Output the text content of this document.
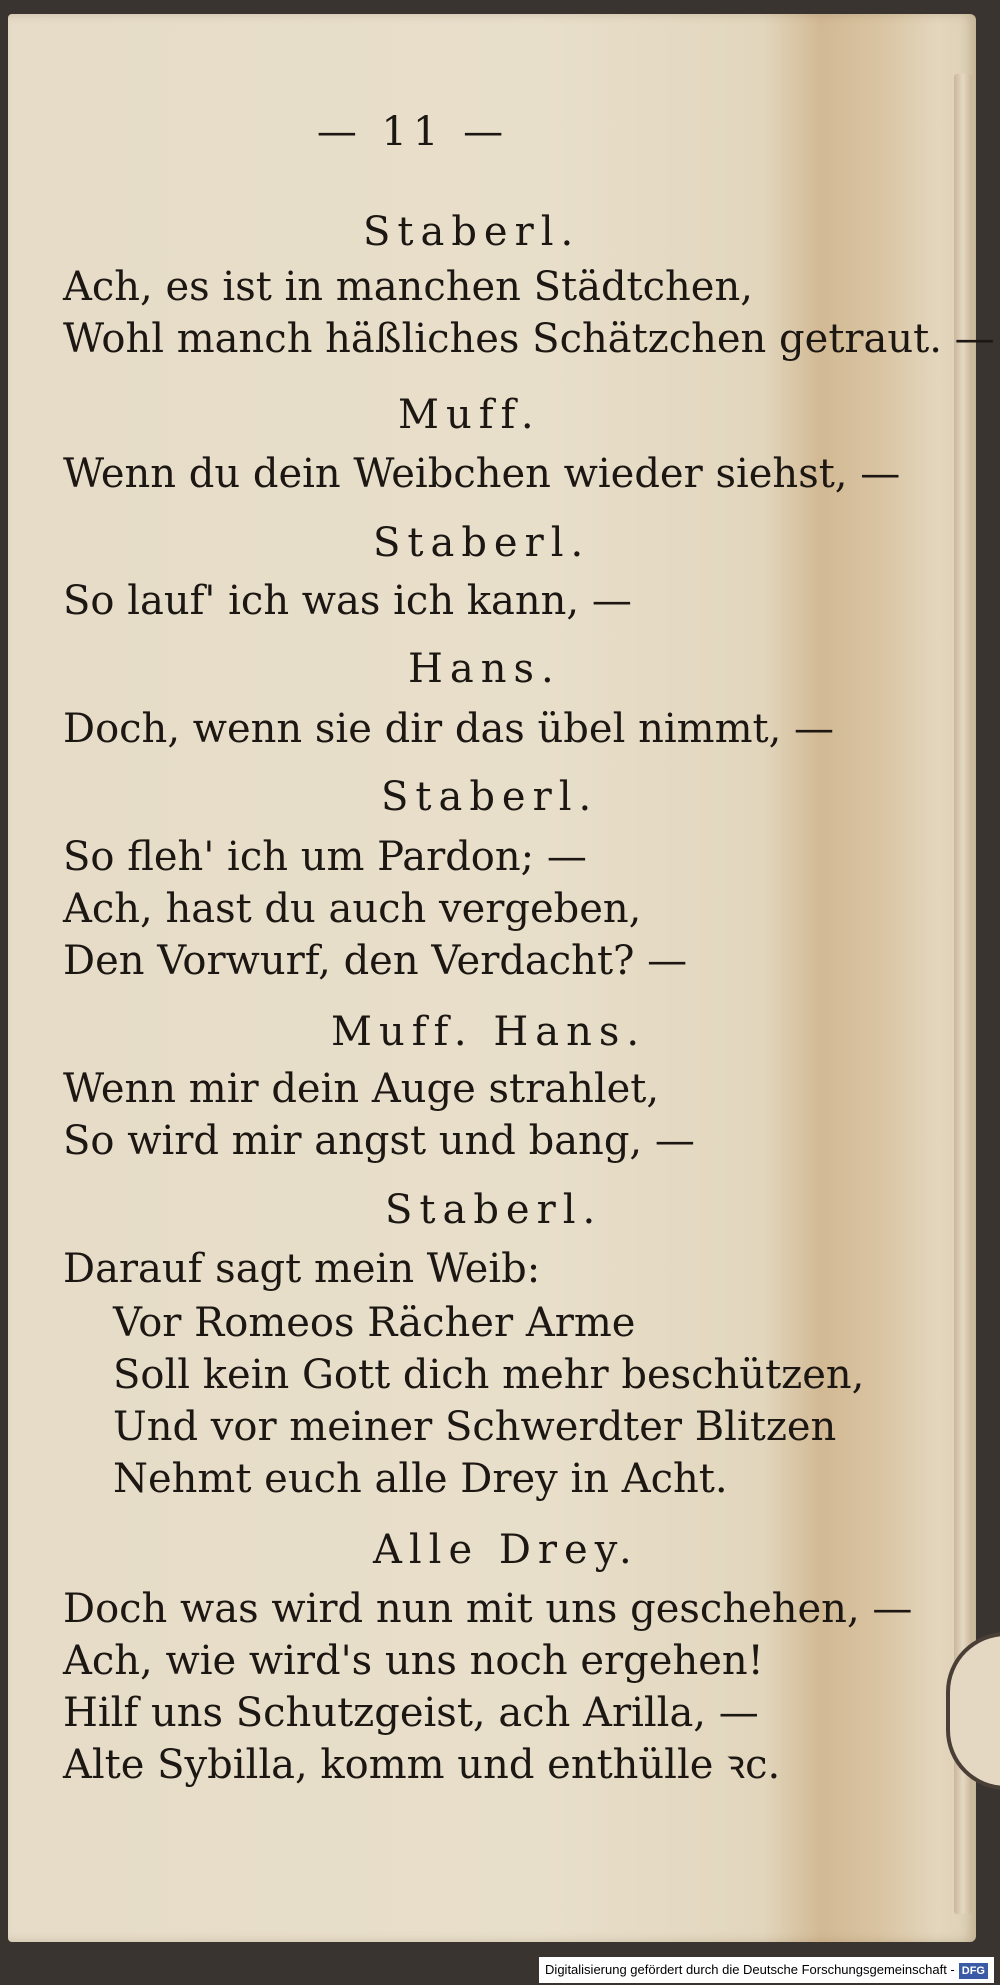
— 11 —
Staberl.
Ach, es ist in manchen Städtchen,
Wohl manch häßliches Schätzchen getraut. —
Muff.
Wenn du dein Weibchen wieder siehst, —
Staberl.
So lauf' ich was ich kann, —
Hans.
Doch, wenn sie dir das übel nimmt, —
Staberl.
So fleh' ich um Pardon; —
Ach, hast du auch vergeben,
Den Vorwurf, den Verdacht? —
Muff. Hans.
Wenn mir dein Auge strahlet,
So wird mir angst und bang, —
Staberl.
Darauf sagt mein Weib:
Vor Romeos Rächer Arme
Soll kein Gott dich mehr beschützen,
Und vor meiner Schwerdter Blitzen
Nehmt euch alle Drey in Acht.
Alle Drey.
Doch was wird nun mit uns geschehen, —
Ach, wie wird's uns noch ergehen!
Hilf uns Schutzgeist, ach Arilla, —
Alte Sybilla, komm und enthülle ꝛc.
Digitalisierung gefördert durch die Deutsche Forschungsgemeinschaft - DFG
